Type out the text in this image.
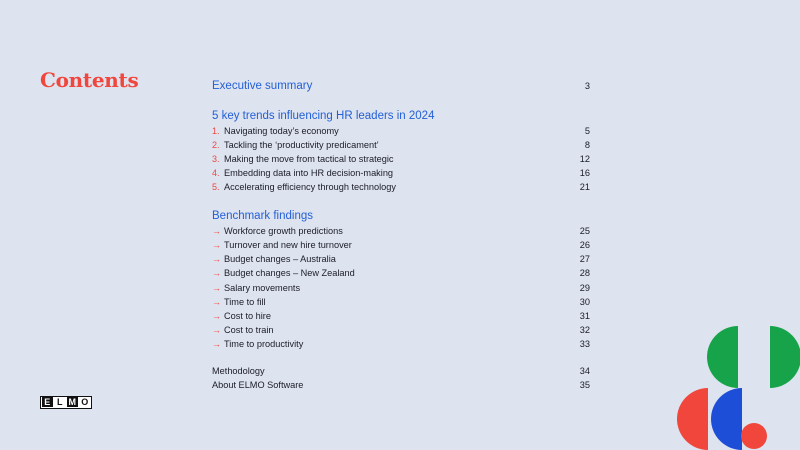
Contents	Executive summary	3
5 key trends influencing HR leaders in 2024
1. Navigating today’s economy	5
2. Tackling the ‘productivity predicament’	8
3. Making the move from tactical to strategic	12
4. Embedding data into HR decision-making	16
5. Accelerating efficiency through technology	21
Benchmark findings
→ Workforce growth predictions	25
→ Turnover and new hire turnover	26
→ Budget changes – Australia	27
→ Budget changes – New Zealand	28
→ Salary movements	29
→ Time to fill	30
→ Cost to hire	31
→ Cost to train	32
→ Time to productivity	33
Methodology	34
About ELMO Software	35
E L M O
